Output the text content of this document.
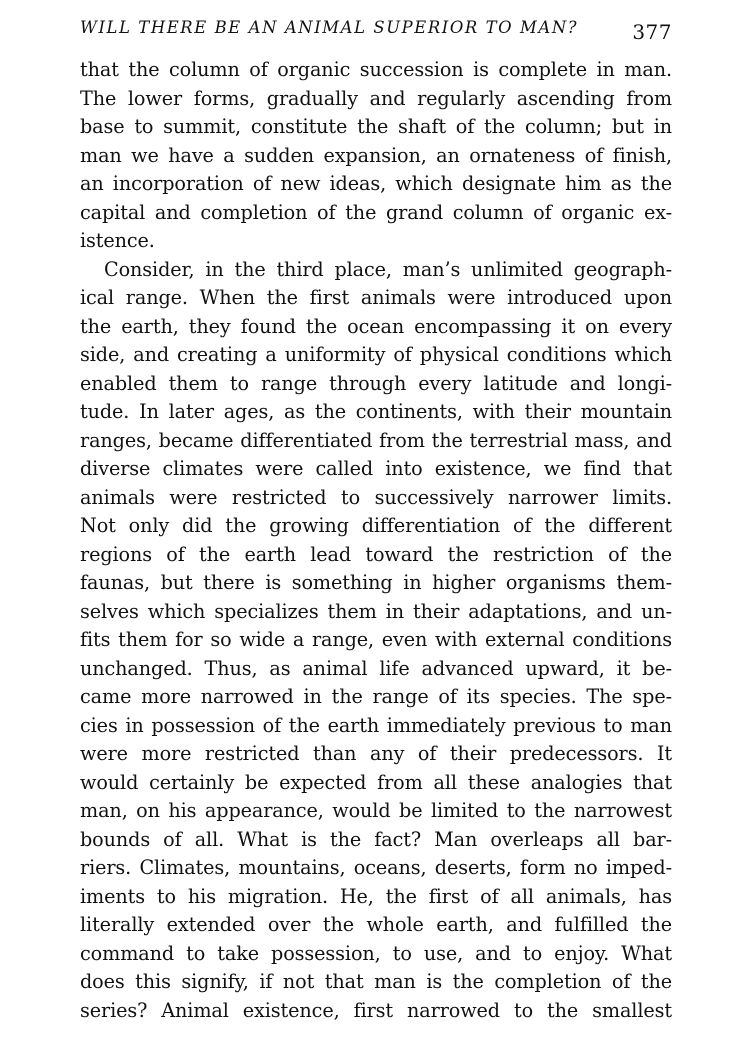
WILL THERE BE AN ANIMAL SUPERIOR TO MAN?	377
that the column of organic succession is complete in man.
The lower forms, gradually and regularly ascending from
base to summit, constitute the shaft of the column; but in
man we have a sudden expansion, an ornateness of finish,
an incorporation of new ideas, which designate him as the
capital and completion of the grand column of organic ex-
istence.
Consider, in the third place, man’s unlimited geograph-
ical range. When the first animals were introduced upon
the earth, they found the ocean encompassing it on every
side, and creating a uniformity of physical conditions which
enabled them to range through every latitude and longi-
tude. In later ages, as the continents, with their mountain
ranges, became differentiated from the terrestrial mass, and
diverse climates were called into existence, we find that
animals were restricted to successively narrower limits.
Not only did the growing differentiation of the different
regions of the earth lead toward the restriction of the
faunas, but there is something in higher organisms them-
selves which specializes them in their adaptations, and un-
fits them for so wide a range, even with external conditions
unchanged. Thus, as animal life advanced upward, it be-
came more narrowed in the range of its species. The spe-
cies in possession of the earth immediately previous to man
were more restricted than any of their predecessors. It
would certainly be expected from all these analogies that
man, on his appearance, would be limited to the narrowest
bounds of all. What is the fact? Man overleaps all bar-
riers. Climates, mountains, oceans, deserts, form no imped-
iments to his migration. He, the first of all animals, has
literally extended over the whole earth, and fulfilled the
command to take possession, to use, and to enjoy. What
does this signify, if not that man is the completion of the
series? Animal existence, first narrowed to the smallest
